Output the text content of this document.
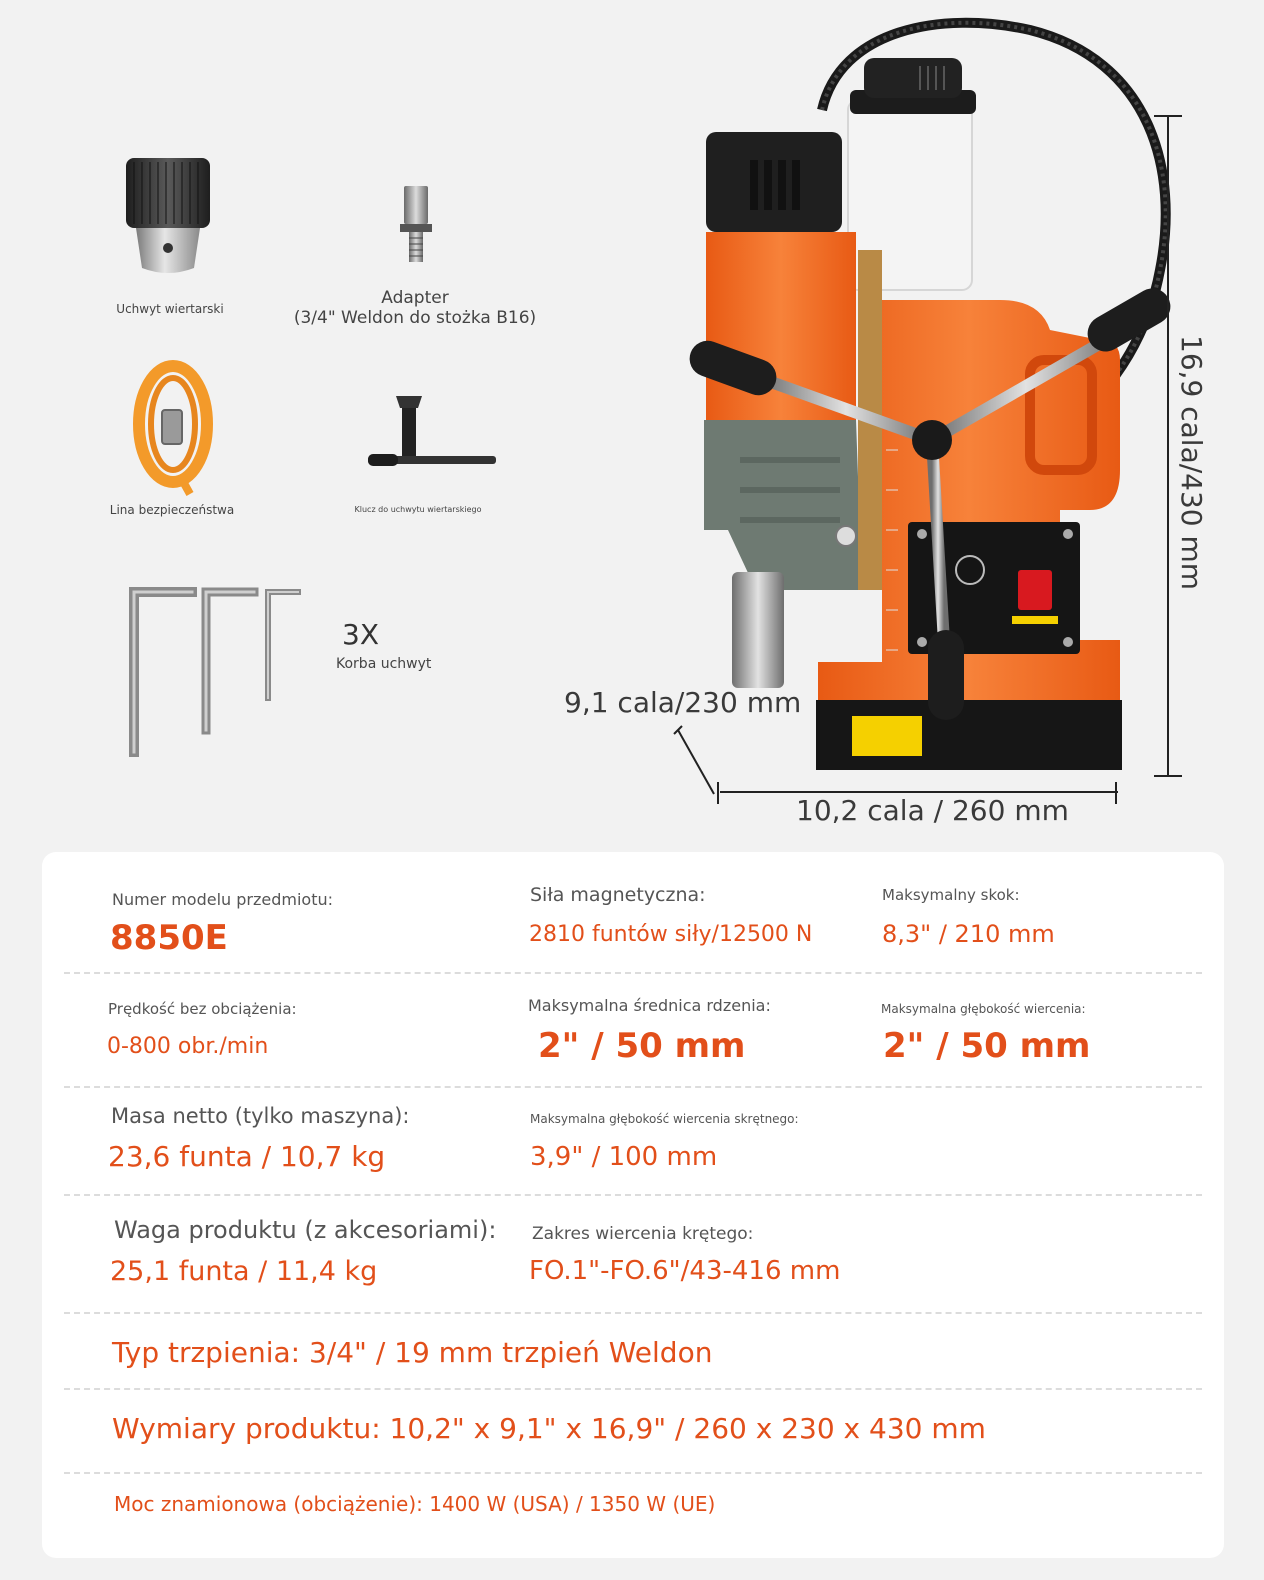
Uchwyt wiertarski
Adapter
(3/4" Weldon do stożka B16)
Lina bezpieczeństwa	Klucz do uchwytu wiertarskiego
3X
Korba uchwyt
16,9 cala/430 mm
9,1 cala/230 mm
10,2 cala / 260 mm
Numer modelu przedmiotu:
8850E
Siła magnetyczna:
2810 funtów siły/12500 N
Maksymalny skok:
8,3" / 210 mm
Prędkość bez obciążenia:
0-800 obr./min
Maksymalna średnica rdzenia:
2" / 50 mm
Maksymalna głębokość wiercenia:
2" / 50 mm
Masa netto (tylko maszyna):
23,6 funta / 10,7 kg
Maksymalna głębokość wiercenia skrętnego:
3,9" / 100 mm
Waga produktu (z akcesoriami):
25,1 funta / 11,4 kg
Zakres wiercenia krętego:
FO.1"-FO.6"/43-416 mm
Typ trzpienia: 3/4" / 19 mm trzpień Weldon
Wymiary produktu: 10,2" x 9,1" x 16,9" / 260 x 230 x 430 mm
Moc znamionowa (obciążenie): 1400 W (USA) / 1350 W (UE)
